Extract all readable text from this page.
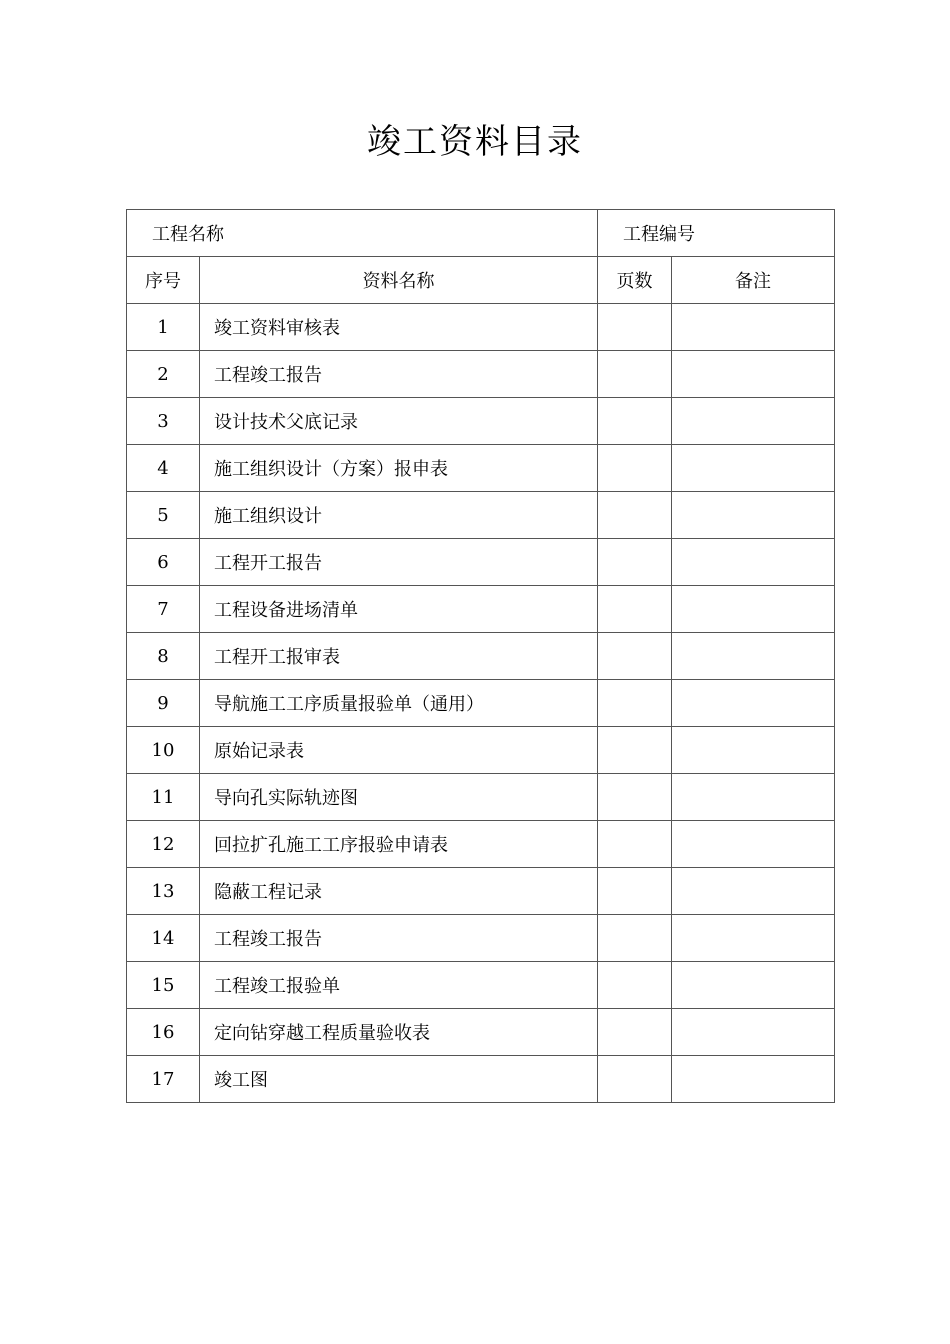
竣工资料目录
工程名称		工程编号	
序号	资料名称	页数	备注
1	竣工资料审核表		
2	工程竣工报告		
3	设计技术父底记录		
4	施工组织设计（方案）报申表		
5	施工组织设计		
6	工程开工报告		
7	工程设备进场清单		
8	工程开工报审表		
9	导航施工工序质量报验单（通用）		
10	原始记录表		
11	导向孔实际轨迹图		
12	回拉扩孔施工工序报验申请表		
13	隐蔽工程记录		
14	工程竣工报告		
15	工程竣工报验单		
16	定向钻穿越工程质量验收表		
17	竣工图		
